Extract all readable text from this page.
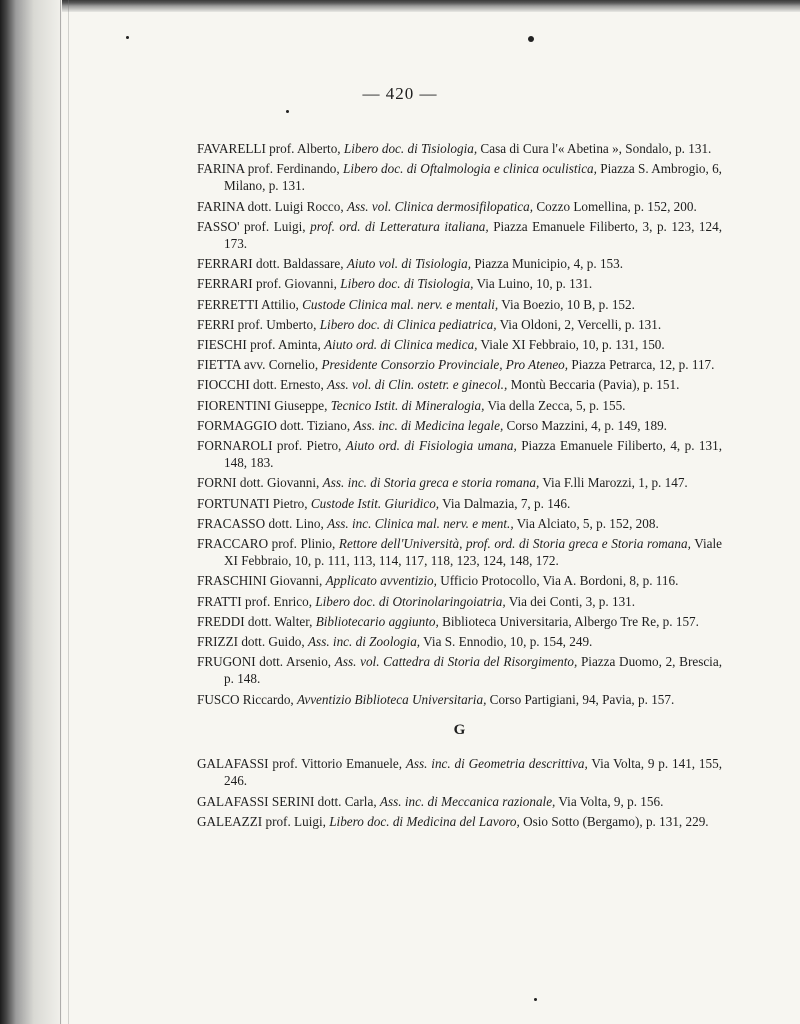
— 420 —
FAVARELLI prof. Alberto, Libero doc. di Tisiologia, Casa di Cura l'« Abetina », Sondalo, p. 131.
FARINA prof. Ferdinando, Libero doc. di Oftalmologia e clinica oculistica, Piazza S. Ambrogio, 6, Milano, p. 131.
FARINA dott. Luigi Rocco, Ass. vol. Clinica dermosifilopatica, Cozzo Lomellina, p. 152, 200.
FASSO' prof. Luigi, prof. ord. di Letteratura italiana, Piazza Emanuele Filiberto, 3, p. 123, 124, 173.
FERRARI dott. Baldassare, Aiuto vol. di Tisiologia, Piazza Municipio, 4, p. 153.
FERRARI prof. Giovanni, Libero doc. di Tisiologia, Via Luino, 10, p. 131.
FERRETTI Attilio, Custode Clinica mal. nerv. e mentali, Via Boezio, 10 B, p. 152.
FERRI prof. Umberto, Libero doc. di Clinica pediatrica, Via Oldoni, 2, Vercelli, p. 131.
FIESCHI prof. Aminta, Aiuto ord. di Clinica medica, Viale XI Febbraio, 10, p. 131, 150.
FIETTA avv. Cornelio, Presidente Consorzio Provinciale, Pro Ateneo, Piazza Petrarca, 12, p. 117.
FIOCCHI dott. Ernesto, Ass. vol. di Clin. ostetr. e ginecol., Montù Beccaria (Pavia), p. 151.
FIORENTINI Giuseppe, Tecnico Istit. di Mineralogia, Via della Zecca, 5, p. 155.
FORMAGGIO dott. Tiziano, Ass. inc. di Medicina legale, Corso Mazzini, 4, p. 149, 189.
FORNAROLI prof. Pietro, Aiuto ord. di Fisiologia umana, Piazza Emanuele Filiberto, 4, p. 131, 148, 183.
FORNI dott. Giovanni, Ass. inc. di Storia greca e storia romana, Via F.lli Marozzi, 1, p. 147.
FORTUNATI Pietro, Custode Istit. Giuridico, Via Dalmazia, 7, p. 146.
FRACASSO dott. Lino, Ass. inc. Clinica mal. nerv. e ment., Via Alciato, 5, p. 152, 208.
FRACCARO prof. Plinio, Rettore dell'Università, prof. ord. di Storia greca e Storia romana, Viale XI Febbraio, 10, p. 111, 113, 114, 117, 118, 123, 124, 148, 172.
FRASCHINI Giovanni, Applicato avventizio, Ufficio Protocollo, Via A. Bordoni, 8, p. 116.
FRATTI prof. Enrico, Libero doc. di Otorinolaringoiatria, Via dei Conti, 3, p. 131.
FREDDI dott. Walter, Bibliotecario aggiunto, Biblioteca Universitaria, Albergo Tre Re, p. 157.
FRIZZI dott. Guido, Ass. inc. di Zoologia, Via S. Ennodio, 10, p. 154, 249.
FRUGONI dott. Arsenio, Ass. vol. Cattedra di Storia del Risorgimento, Piazza Duomo, 2, Brescia, p. 148.
FUSCO Riccardo, Avventizio Biblioteca Universitaria, Corso Partigiani, 94, Pavia, p. 157.
G
GALAFASSI prof. Vittorio Emanuele, Ass. inc. di Geometria descrittiva, Via Volta, 9 p. 141, 155, 246.
GALAFASSI SERINI dott. Carla, Ass. inc. di Meccanica razionale, Via Volta, 9, p. 156.
GALEAZZI prof. Luigi, Libero doc. di Medicina del Lavoro, Osio Sotto (Bergamo), p. 131, 229.
